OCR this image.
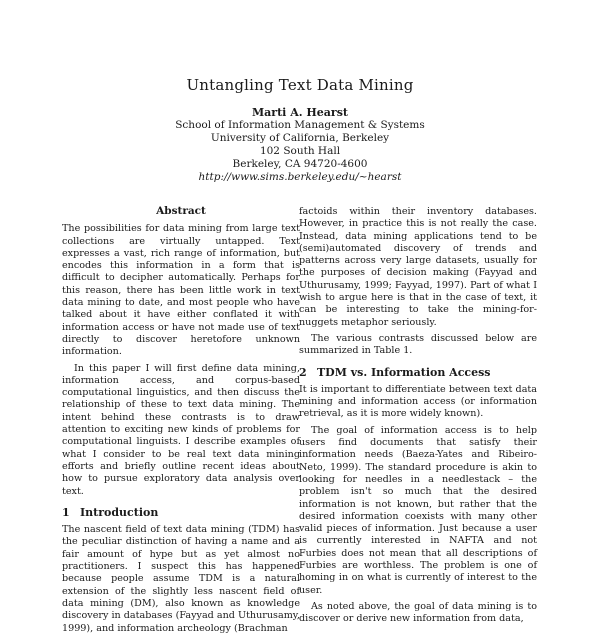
Untangling Text Data Mining
Marti A. Hearst
School of Information Management & Systems
University of California, Berkeley
102 South Hall
Berkeley, CA 94720-4600
http://www.sims.berkeley.edu/~hearst
Abstract

The possibilities for data mining from large text collections are virtually untapped. Text expresses a vast, rich range of information, but encodes this information in a form that is difficult to decipher automatically. Perhaps for this reason, there has been little work in text data mining to date, and most people who have talked about it have either conflated it with information access or have not made use of text directly to discover heretofore unknown information.

In this paper I will first define data mining, information access, and corpus-based computational linguistics, and then discuss the relationship of these to text data mining. The intent behind these contrasts is to draw attention to exciting new kinds of problems for computational linguists. I describe examples of what I consider to be real text data mining efforts and briefly outline recent ideas about how to pursue exploratory data analysis over text.

1 Introduction

The nascent field of text data mining (TDM) has the peculiar distinction of having a name and a fair amount of hype but as yet almost no practitioners. I suspect this has happened because people assume TDM is a natural extension of the slightly less nascent field of data mining (DM), also known as knowledge discovery in databases (Fayyad and Uthurusamy, 1999), and information archeology (Brachman

factoids within their inventory databases. However, in practice this is not really the case. Instead, data mining applications tend to be (semi)automated discovery of trends and patterns across very large datasets, usually for the purposes of decision making (Fayyad and Uthurusamy, 1999; Fayyad, 1997). Part of what I wish to argue here is that in the case of text, it can be interesting to take the mining-for-nuggets metaphor seriously.

The various contrasts discussed below are summarized in Table 1.

2 TDM vs. Information Access

It is important to differentiate between text data mining and information access (or information retrieval, as it is more widely known).

The goal of information access is to help users find documents that satisfy their information needs (Baeza-Yates and Ribeiro-Neto, 1999). The standard procedure is akin to looking for needles in a needlestack – the problem isn't so much that the desired information is not known, but rather that the desired information coexists with many other valid pieces of information. Just because a user is currently interested in NAFTA and not Furbies does not mean that all descriptions of Furbies are worthless. The problem is one of homing in on what is currently of interest to the user.

As noted above, the goal of data mining is to discover or derive new information from data,
